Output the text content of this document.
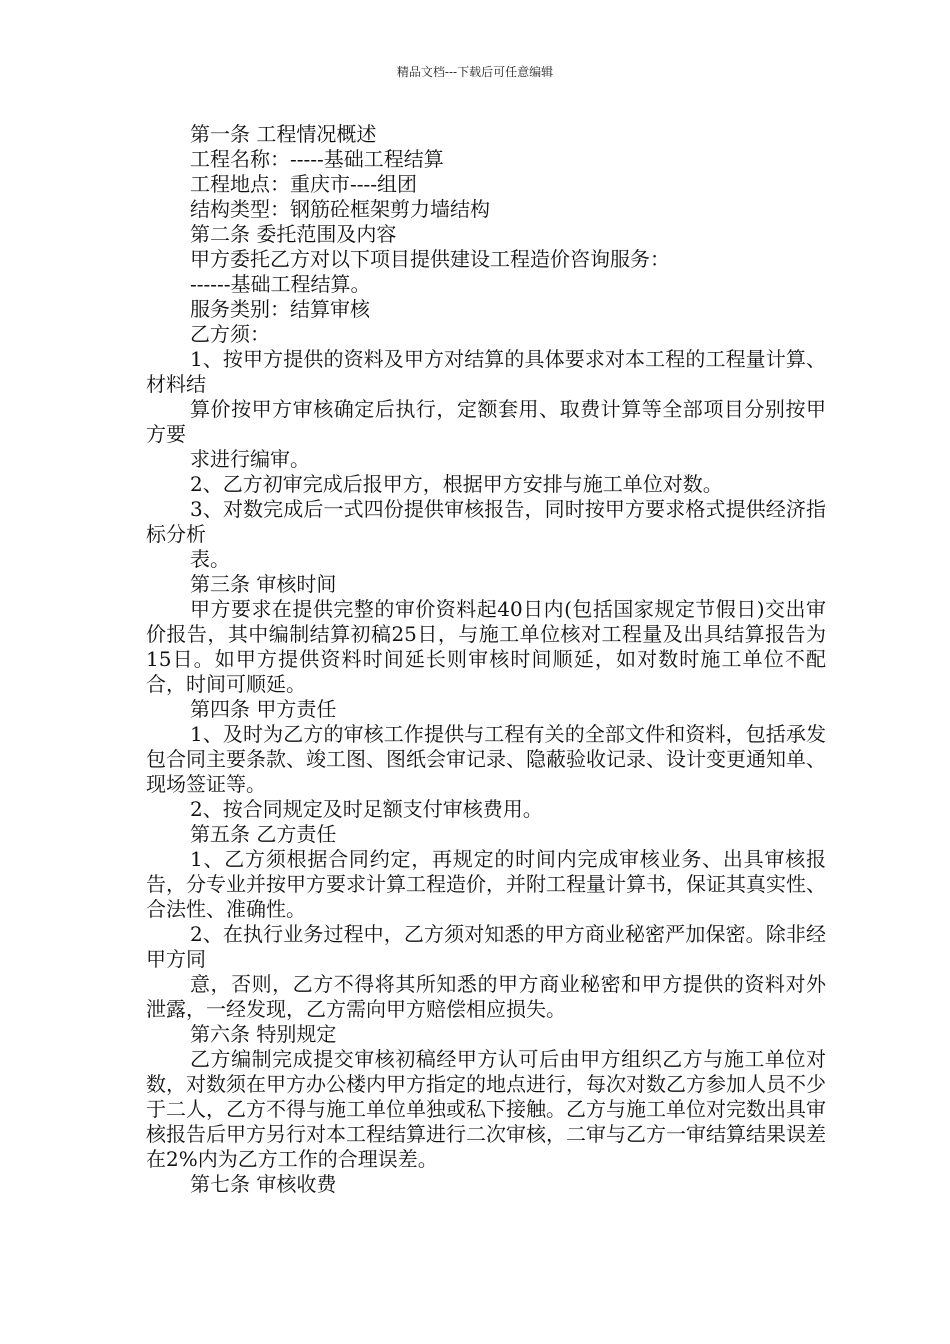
精品文档---下载后可任意编辑

第一条 工程情况概述

工程名称：-----基础工程结算

工程地点：重庆市----组团

结构类型：钢筋砼框架剪力墙结构

第二条 委托范围及内容

甲方委托乙方对以下项目提供建设工程造价咨询服务：

------基础工程结算。

服务类别：结算审核

乙方须：

1、按甲方提供的资料及甲方对结算的具体要求对本工程的工程量计算、材料结

算价按甲方审核确定后执行，定额套用、取费计算等全部项目分别按甲方要

求进行编审。

2、乙方初审完成后报甲方，根据甲方安排与施工单位对数。

3、对数完成后一式四份提供审核报告，同时按甲方要求格式提供经济指标分析

表。

第三条 审核时间

甲方要求在提供完整的审价资料起40日内(包括国家规定节假日)交出审价报告，其中编制结算初稿25日，与施工单位核对工程量及出具结算报告为15日。如甲方提供资料时间延长则审核时间顺延，如对数时施工单位不配合，时间可顺延。

第四条 甲方责任

1、及时为乙方的审核工作提供与工程有关的全部文件和资料，包括承发包合同主要条款、竣工图、图纸会审记录、隐蔽验收记录、设计变更通知单、现场签证等。

2、按合同规定及时足额支付审核费用。

第五条 乙方责任

1、乙方须根据合同约定，再规定的时间内完成审核业务、出具审核报告，分专业并按甲方要求计算工程造价，并附工程量计算书，保证其真实性、合法性、准确性。

2、在执行业务过程中，乙方须对知悉的甲方商业秘密严加保密。除非经甲方同

意，否则，乙方不得将其所知悉的甲方商业秘密和甲方提供的资料对外泄露，一经发现，乙方需向甲方赔偿相应损失。

第六条 特别规定

乙方编制完成提交审核初稿经甲方认可后由甲方组织乙方与施工单位对数，对数须在甲方办公楼内甲方指定的地点进行，每次对数乙方参加人员不少于二人，乙方不得与施工单位单独或私下接触。乙方与施工单位对完数出具审核报告后甲方另行对本工程结算进行二次审核，二审与乙方一审结算结果误差在2%内为乙方工作的合理误差。

第七条 审核收费
